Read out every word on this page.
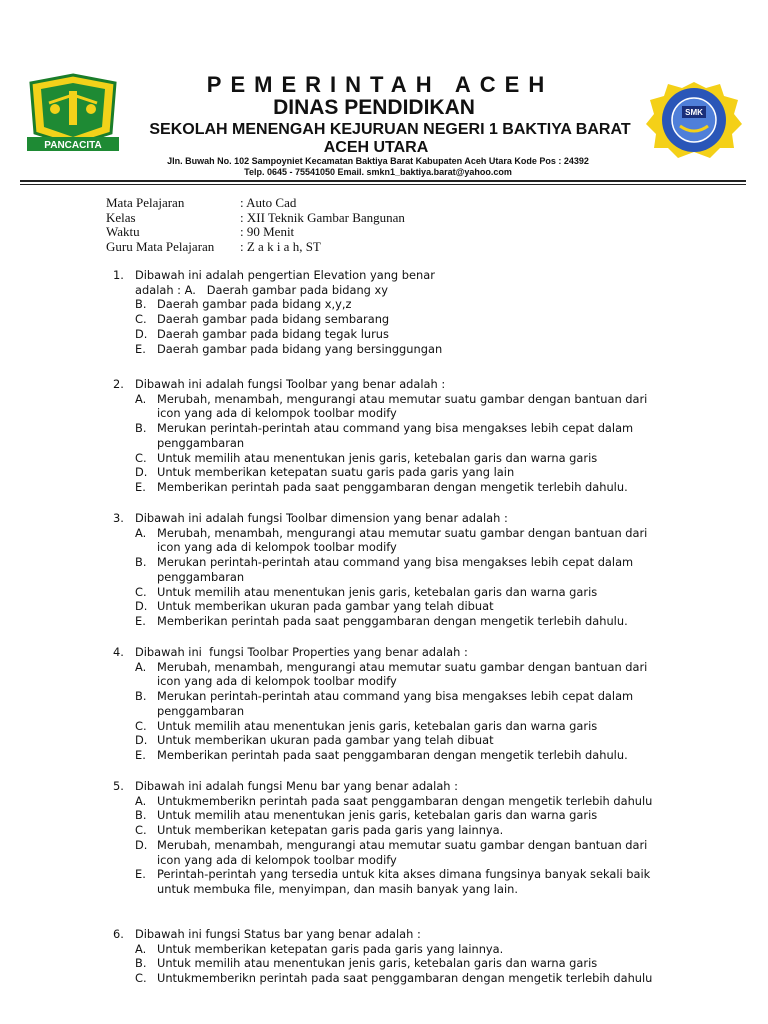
PANCACITA
SMK
PEMERINTAH ACEH
DINAS PENDIDIKAN
SEKOLAH MENENGAH KEJURUAN NEGERI 1 BAKTIYA BARAT
ACEH UTARA
Jln. Buwah No. 102 Sampoyniet Kecamatan Baktiya Barat Kabupaten Aceh Utara Kode Pos : 24392
Telp. 0645 - 75541050 Email. smkn1_baktiya.barat@yahoo.com
Mata Pelajaran	: Auto Cad
Kelas	: XII Teknik Gambar Bangunan
Waktu	: 90 Menit
Guru Mata Pelajaran	: Z a k i a h, ST
1. Dibawah ini adalah pengertian Elevation yang benar
adalah : A.   Daerah gambar pada bidang xy
B. Daerah gambar pada bidang x,y,z
C. Daerah gambar pada bidang sembarang
D. Daerah gambar pada bidang tegak lurus
E. Daerah gambar pada bidang yang bersinggungan
2. Dibawah ini adalah fungsi Toolbar yang benar adalah :
A. Merubah, menambah, mengurangi atau memutar suatu gambar dengan bantuan dari icon yang ada di kelompok toolbar modify
B. Merukan perintah-perintah atau command yang bisa mengakses lebih cepat dalam penggambaran
C. Untuk memilih atau menentukan jenis garis, ketebalan garis dan warna garis
D. Untuk memberikan ketepatan suatu garis pada garis yang lain
E. Memberikan perintah pada saat penggambaran dengan mengetik terlebih dahulu.
3. Dibawah ini adalah fungsi Toolbar dimension yang benar adalah :
A. Merubah, menambah, mengurangi atau memutar suatu gambar dengan bantuan dari icon yang ada di kelompok toolbar modify
B. Merukan perintah-perintah atau command yang bisa mengakses lebih cepat dalam penggambaran
C. Untuk memilih atau menentukan jenis garis, ketebalan garis dan warna garis
D. Untuk memberikan ukuran pada gambar yang telah dibuat
E. Memberikan perintah pada saat penggambaran dengan mengetik terlebih dahulu.
4. Dibawah ini  fungsi Toolbar Properties yang benar adalah :
A. Merubah, menambah, mengurangi atau memutar suatu gambar dengan bantuan dari icon yang ada di kelompok toolbar modify
B. Merukan perintah-perintah atau command yang bisa mengakses lebih cepat dalam penggambaran
C. Untuk memilih atau menentukan jenis garis, ketebalan garis dan warna garis
D. Untuk memberikan ukuran pada gambar yang telah dibuat
E. Memberikan perintah pada saat penggambaran dengan mengetik terlebih dahulu.
5. Dibawah ini adalah fungsi Menu bar yang benar adalah :
A. Untukmemberikn perintah pada saat penggambaran dengan mengetik terlebih dahulu
B. Untuk memilih atau menentukan jenis garis, ketebalan garis dan warna garis
C. Untuk memberikan ketepatan garis pada garis yang lainnya.
D. Merubah, menambah, mengurangi atau memutar suatu gambar dengan bantuan dari icon yang ada di kelompok toolbar modify
E. Perintah-perintah yang tersedia untuk kita akses dimana fungsinya banyak sekali baik untuk membuka file, menyimpan, dan masih banyak yang lain.
6. Dibawah ini fungsi Status bar yang benar adalah :
A. Untuk memberikan ketepatan garis pada garis yang lainnya.
B. Untuk memilih atau menentukan jenis garis, ketebalan garis dan warna garis
C. Untukmemberikn perintah pada saat penggambaran dengan mengetik terlebih dahulu
